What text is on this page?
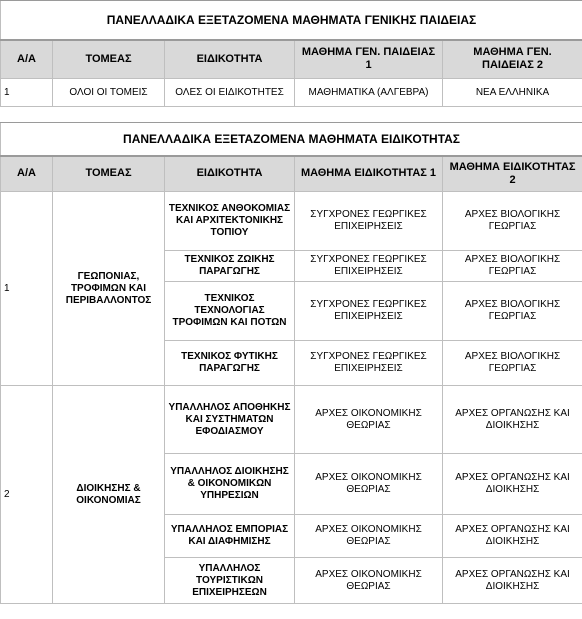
ΠΑΝΕΛΛΑΔΙΚΑ ΕΞΕΤΑΖΟΜΕΝΑ ΜΑΘΗΜΑΤΑ ΓΕΝΙΚΗΣ ΠΑΙΔΕΙΑΣ				
Α/Α	ΤΟΜΕΑΣ	ΕΙΔΙΚΟΤΗΤΑ	ΜΑΘΗΜΑ ΓΕΝ. ΠΑΙΔΕΙΑΣ 1	ΜΑΘΗΜΑ ΓΕΝ. ΠΑΙΔΕΙΑΣ 2
1	ΟΛΟΙ ΟΙ ΤΟΜΕΙΣ	ΟΛΕΣ ΟΙ ΕΙΔΙΚΟΤΗΤΕΣ	ΜΑΘΗΜΑΤΙΚΑ (ΑΛΓΕΒΡΑ)	ΝΕΑ ΕΛΛΗΝΙΚΑ
ΠΑΝΕΛΛΑΔΙΚΑ ΕΞΕΤΑΖΟΜΕΝΑ ΜΑΘΗΜΑΤΑ ΕΙΔΙΚΟΤΗΤΑΣ				
Α/Α	ΤΟΜΕΑΣ	ΕΙΔΙΚΟΤΗΤΑ	ΜΑΘΗΜΑ ΕΙΔΙΚΟΤΗΤΑΣ 1	ΜΑΘΗΜΑ ΕΙΔΙΚΟΤΗΤΑΣ 2
1	ΓΕΩΠΟΝΙΑΣ, ΤΡΟΦΙΜΩΝ ΚΑΙ ΠΕΡΙΒΑΛΛΟΝΤΟΣ	ΤΕΧΝΙΚΟΣ ΑΝΘΟΚΟΜΙΑΣ ΚΑΙ ΑΡΧΙΤΕΚΤΟΝΙΚΗΣ ΤΟΠΙΟΥ	ΣΥΓΧΡΟΝΕΣ ΓΕΩΡΓΙΚΕΣ ΕΠΙΧΕΙΡΗΣΕΙΣ	ΑΡΧΕΣ ΒΙΟΛΟΓΙΚΗΣ ΓΕΩΡΓΙΑΣ
		ΤΕΧΝΙΚΟΣ ΖΩΙΚΗΣ ΠΑΡΑΓΩΓΗΣ	ΣΥΓΧΡΟΝΕΣ ΓΕΩΡΓΙΚΕΣ ΕΠΙΧΕΙΡΗΣΕΙΣ	ΑΡΧΕΣ ΒΙΟΛΟΓΙΚΗΣ ΓΕΩΡΓΙΑΣ
		ΤΕΧΝΙΚΟΣ ΤΕΧΝΟΛΟΓΙΑΣ ΤΡΟΦΙΜΩΝ ΚΑΙ ΠΟΤΩΝ	ΣΥΓΧΡΟΝΕΣ ΓΕΩΡΓΙΚΕΣ ΕΠΙΧΕΙΡΗΣΕΙΣ	ΑΡΧΕΣ ΒΙΟΛΟΓΙΚΗΣ ΓΕΩΡΓΙΑΣ
		ΤΕΧΝΙΚΟΣ ΦΥΤΙΚΗΣ ΠΑΡΑΓΩΓΗΣ	ΣΥΓΧΡΟΝΕΣ ΓΕΩΡΓΙΚΕΣ ΕΠΙΧΕΙΡΗΣΕΙΣ	ΑΡΧΕΣ ΒΙΟΛΟΓΙΚΗΣ ΓΕΩΡΓΙΑΣ
2	ΔΙΟΙΚΗΣΗΣ & ΟΙΚΟΝΟΜΙΑΣ	ΥΠΑΛΛΗΛΟΣ ΑΠΟΘΗΚΗΣ ΚΑΙ ΣΥΣΤΗΜΑΤΩΝ ΕΦΟΔΙΑΣΜΟΥ	ΑΡΧΕΣ ΟΙΚΟΝΟΜΙΚΗΣ ΘΕΩΡΙΑΣ	ΑΡΧΕΣ ΟΡΓΑΝΩΣΗΣ ΚΑΙ ΔΙΟΙΚΗΣΗΣ
		ΥΠΑΛΛΗΛΟΣ ΔΙΟΙΚΗΣΗΣ & ΟΙΚΟΝΟΜΙΚΩΝ ΥΠΗΡΕΣΙΩΝ	ΑΡΧΕΣ ΟΙΚΟΝΟΜΙΚΗΣ ΘΕΩΡΙΑΣ	ΑΡΧΕΣ ΟΡΓΑΝΩΣΗΣ ΚΑΙ ΔΙΟΙΚΗΣΗΣ
		ΥΠΑΛΛΗΛΟΣ ΕΜΠΟΡΙΑΣ ΚΑΙ ΔΙΑΦΗΜΙΣΗΣ	ΑΡΧΕΣ ΟΙΚΟΝΟΜΙΚΗΣ ΘΕΩΡΙΑΣ	ΑΡΧΕΣ ΟΡΓΑΝΩΣΗΣ ΚΑΙ ΔΙΟΙΚΗΣΗΣ
		ΥΠΑΛΛΗΛΟΣ ΤΟΥΡΙΣΤΙΚΩΝ ΕΠΙΧΕΙΡΗΣΕΩΝ	ΑΡΧΕΣ ΟΙΚΟΝΟΜΙΚΗΣ ΘΕΩΡΙΑΣ	ΑΡΧΕΣ ΟΡΓΑΝΩΣΗΣ ΚΑΙ ΔΙΟΙΚΗΣΗΣ
